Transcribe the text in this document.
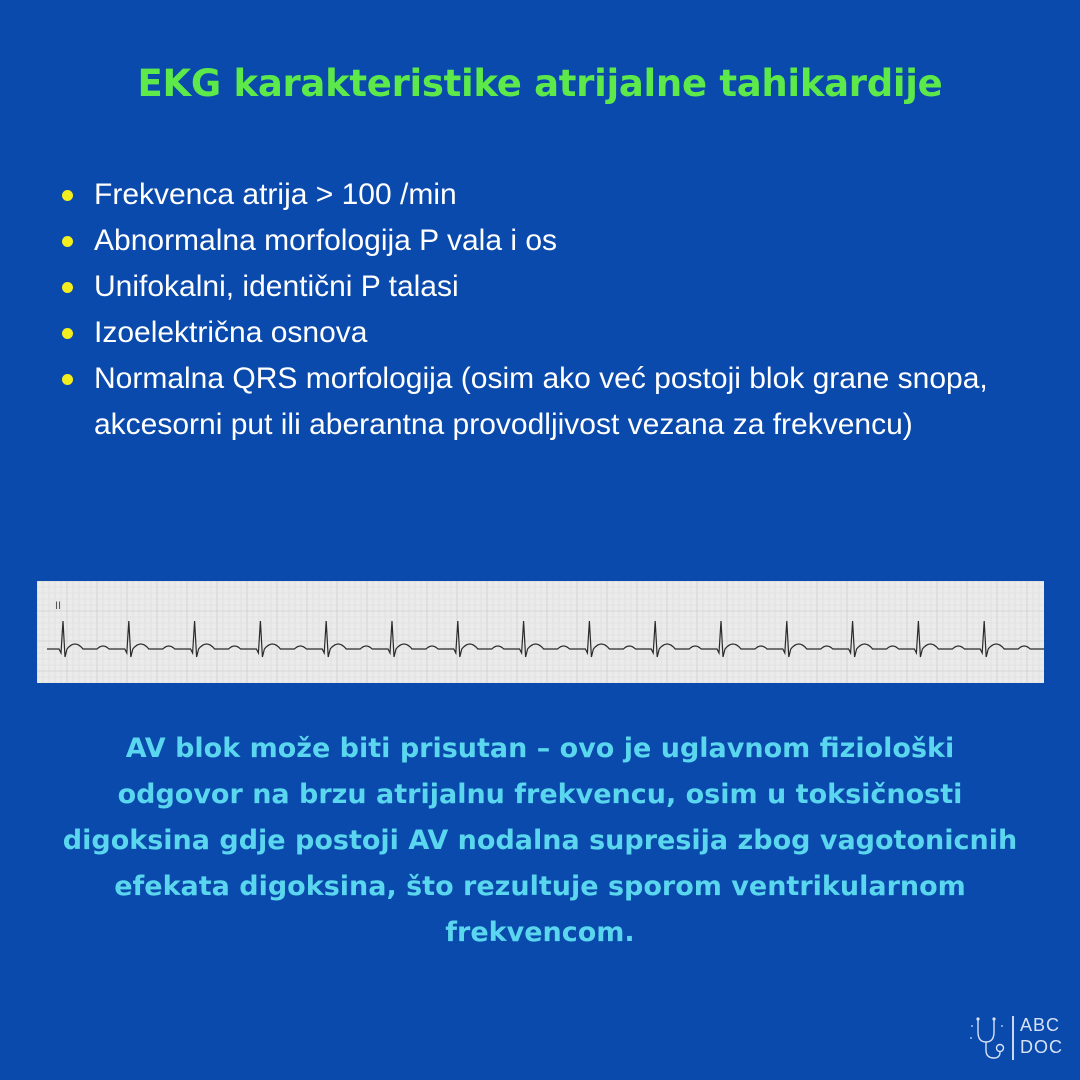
EKG karakteristike atrijalne tahikardije
Frekvenca atrija > 100 /min
Abnormalna morfologija P vala i os
Unifokalni, identični P talasi
Izoelektrična osnova
Normalna QRS morfologija (osim ako već postoji blok grane snopa, akcesorni put ili aberantna provodljivost vezana za frekvencu)
II
AV blok može biti prisutan – ovo je uglavnom fiziološki odgovor na brzu atrijalnu frekvencu, osim u toksičnosti digoksina gdje postoji AV nodalna supresija zbog vagotonicnih efekata digoksina, što rezultuje sporom ventrikularnom frekvencom.
ABC
DOC
